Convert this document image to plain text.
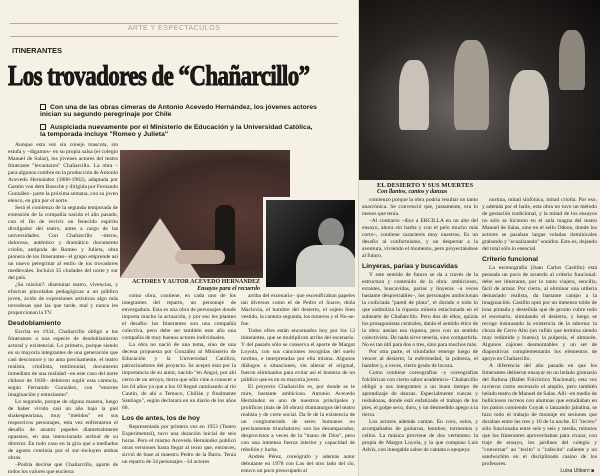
ARTE Y ESPECTACULOS
ITINERANTES
Los trovadores de “Chañarcillo”
Con una de las obras cimeras de Antonio Acevedo Hernández, los jóvenes actores inician su segundo peregrinaje por Chile
Auspiciada nuevamente por el Ministerio de Educación y la Universidad Católica, la temporada incluye "Romeo y Julieta"

Aunque esta vez sin conejo mascota, sin estufa y –digamos– en su propia salsa (el colegio Manuel de Salas), los jóvenes actores del teatro Itinerante "levantaron" Chañarcillo. La obra –para algunos cumbre en la producción de Antonio Acevedo Hernández (1886-1962), adaptada por Gastón von dem Bussche y dirigida por Fernando González– parte la próxima semana, con su joven elenco, en gira por el norte.

Será el comienzo de la segunda temporada de extensión de la compañía nacida el año pasado, con el fin de revivir un fenecido espíritu divulgador del teatro, antes a cargo de las universidades. Con Chañarcillo –tierno, doloroso, auténtico y dramático documento criollo, antípoda de Romeo y Julieta, obra pionera de los Itinerantes– el grupo emprende así un nuevo peregrinar al estilo de los trovadores medievales. Incluirá 35 ciudades del norte y sur del país.

¿Su misión?: diseminar teatro, vivencias, y efusivas pinceladas pedagógicas a un público joven, ávido de expresiones artísticas algo más novedosas que las que tarde, mal y nunca les proporcionan la TV.

Desdoblamiento

Escrita en 1934, Chañarcillo obligó a los Itinerantes a una especie de desdoblamiento actoral y existencial. Lo primero, porque siendo en su mayoría integrantes de una generación que casi desconoce y no ama precisamente, el teatro realista, criollista, testimonial, documento inmediato de una realidad –en este caso del norte chileno de 1830– debieron suplir esta carencia, según Fernando González, con "enorme imaginación y entusiasmo".

Lo segundo, porque de alguna manera, luego de haber vivido casi un año bajo la piel shakespeariana, muy "metidos" en sus respectivos personajes, esta vez enfrentaron el desafío de asumir papeles diametralmente opuestos, en una intencionada actitud de su director. En todo caso en la gira que a mediados de agosto continúa por el sur–incluyen ambas obras.

–Podría decirse que Chañarcillo, aparte de todos los valores que encierra

ACTORES Y AUTOR ACEVEDO HERNANDEZ
Ensayos para el recuerdo

como obra, contiene, en cada uno de los integrantes del reparto, un personaje de envergadura. Esta es una obra de personajes donde importa mucho la actuación, y por eso les planteo el desafío: los Itinerantes son una compañía colectiva, pero debe ser también este año una compañía de muy buenos actores individuales.

La obra no nació de una tema, sino de una decena propuesta por González al Ministerio de Educación y la Universidad Católica, patrocinadores del proyecto. Se aceptó ésta por la importancia de su autor, nacido "en Angol, por ahí cerca de un arroyo, tierra que sólo vine a conocer a los 64 años ya que a los 10 llegué caminando al río Cautín, de ahí a Temuco, Chillán y finalmente Santiago", según declarara en un diario de los años 60.

Los de antes, los de hoy

Representada por primera vez en 1953 (Teatro Experimental), tuvo una duración inicial de seis horas. Pero el mismo Acevedo Hernández publicó otras versiones hasta llegar al texto que, entonces, sirvió de base al maestro Pedro de la Barra. Tenía un reparto de 34 personajes –34 actores

arriba del escenario– que escenificaban papeles tan diversos como el de Pedro el Suave, doña Maclovia, el hombre del desierto, el sujeto bien vestido, la cantora segunda, los mineros y el No-se-fue.

Todos ellos están encarnados hoy por los 12 itinerantes, que se multiplican arriba del escenario. Y del pasado sólo se conserva el aporte de Margot Loyola, con sus canciones recogidas del suelo nortino, e interpretadas por ella misma. Algunos diálogos o situaciones, sin alterar el original, fueron eliminados para evitar así el bostezo de un público que es en su mayoría joven.

El proyecto Chañarcillo es, por donde se le mire, bastante ambicioso. Antonio Acevedo Hernández es uno de nuestros principales y prolíficos (más de 50 obras) dramaturgos del teatro realista y de corte social. Da fe de la existencia de un conglomerado de seres humanos no precisamente triunfadores: son los desamparados, desprovistos a veces de la "mano de Dios", pero con una inmensa fuerza interior y capacidad de rebelión y lucha.

Andrés Pérez, coreógrafo y además autor debutante en 1978 con Las del otro lado del río, estuvo un poco preocupado al

EL DESIERTO Y SUS MUERTES
Con llantos, cantos y danzas

comienzo porque la obra podría resultar un tanto anacrónica. Se convenció que, justamente, era lo menos que tenía.

–Al contrario –dice a ERCILLA en un alto del ensayo, ahora sin barba y con el pelo mucho más corto–, contiene caracteres muy nuestros. Es un desafío al conformismo, y un despertar a la aventura, viviendo el momento, pero proyectándose al futuro.

Linyeras, parias y buscavidas

Y este sentido de futuro se da a través de la estructura y contenido de la obra: ambiciosos, errantes, buscavidas, parias y linyeras –a veces bastante despreciables–, los personajes ambicionan la codiciada "pared de plata", el dorado o todo lo que simboliza la riqueza minera estacionada en el subsuelo de Chañarcillo. Pero dos de ellos, quizás los protagonistas centrales, darán el sentido ético de la obra: ansían esa riqueza, pero con un sentido colectivista. De nada sirve tenerla, sino compartirla. No es tan útil para dos o tres, sino para muchos más.

Por otra parte, el triunfador emerge luego de vencer al desierto, la enfermedad, la pobreza, el hambre y, a veces, cierto grado de locura.

Como contiene coreografías –y coreografías folclóricas con cierto sabor académico– Chañarcillo obligó a sus integrantes a un buen tiempo de aprendizaje de danzas. Especialmente cuecas y resbalosas, donde está enfatizado el trabajo de los pies, el golpe seco, duro, y un desmedido apego a la tierra.

Los actores además cantan. En coro, solos, y acompañados de guitarras, bombos, tormentos y cellos. La música proviene de dos vertientes: la propia de Margot Loyola, y la que compuso Luis Advis, con innegable sabor de cantata o epopeya

nortina, mitad sinfónica, mitad criolla. Por eso, y además por el baile, esta obra no tuvo un método de gestación tradicional, y la mitad de los ensayos no sólo se hicieron en el aula magna del teatro Manuel de Salas, sino en el sello Odeon, donde los actores se pasaban largas veladas dominicales grabando y "ecualizando" sonidos. Esto es, dejando del total sólo lo esencial.

Criterio funcional

La escenografía (Juan Carlos Castillo) está pensada un poco de acuerdo al criterio funcional: debe ser itinerante, por lo tanto viajera, sencilla, fácil de armar. Por cierto, al eliminar una utilería demasiado realista, da bastante campo a la imaginación. Castillo optó por un inmenso toldo de lona pintada y desteñida que de pronto cubre todo el escenario, simulando el desierto, y luego se recoge insinuando la existencia de la taberna: la choza de Cerro Alto (un rufián que termina siendo muy redimido y bueno); la pulpería, el almacén. Algunos cajones desmontables y un set de diapositivas complementarán los elementos de apoyo en Chañarcillo.

A diferencia del año pasado en que los Itinerantes debieron ensayar en un helado gimnasio del Bafona (Ballet Folclórico Nacional), esta vez tuvieron como escenario el amplio, pero también helado teatro de Manuel de Salas. Allí –en medio de bulliciosos recreos con alumnas que estudiaban en los patios comiendo Goyak o lanzando jabalina, se hizo todo el trabajo de montaje en sesiones que duraban entre las tres y 10 de la noche. El "recreo" sólo funcionaba entre seis y seis y media, minutos que los Itinerantes aprovechaban para cruzar, con traje de ensayo, los jardines del colegio y "conversar" un "tecito" o "cafecito" caliente y un sandwichito en el disciplinado casino de los profesores.

Luisa Ulibarri ■
